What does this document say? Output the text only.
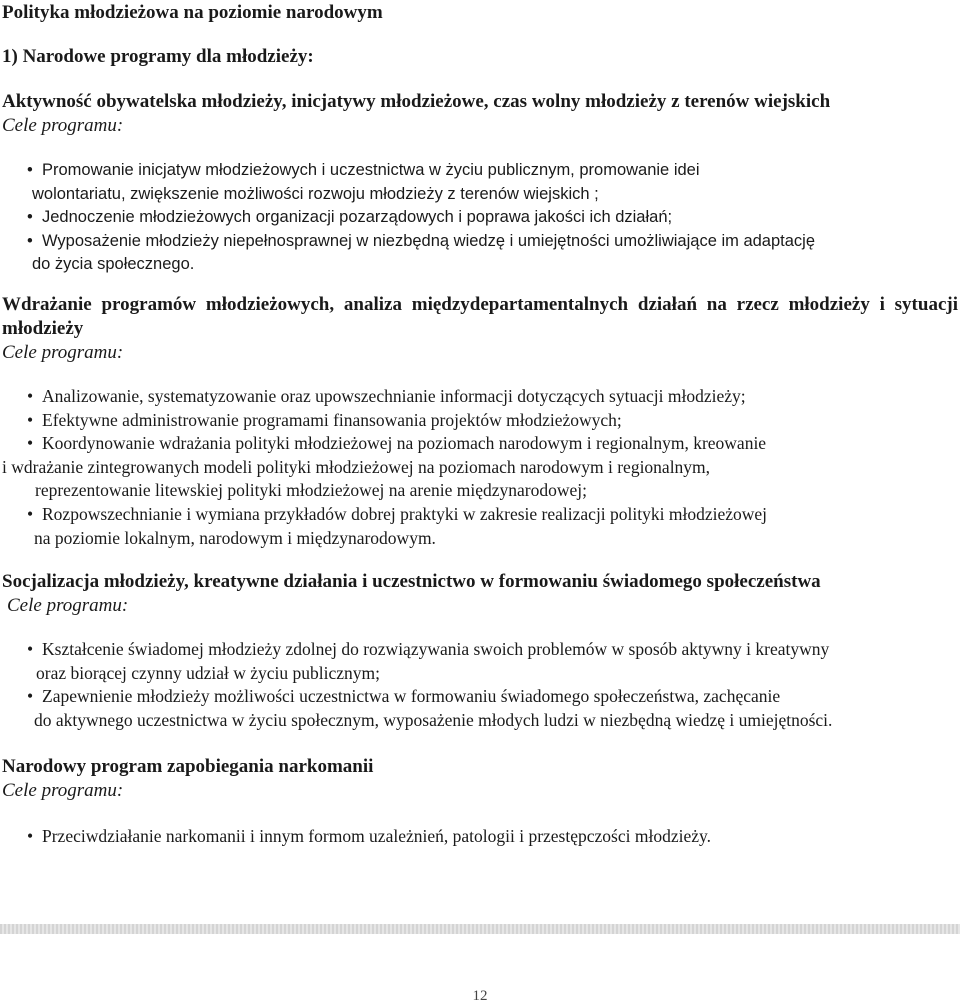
Polityka młodzieżowa na poziomie narodowym
1) Narodowe programy dla młodzieży:

Aktywność obywatelska młodzieży, inicjatywy młodzieżowe, czas wolny młodzieży z terenów wiejskich

Cele programu:

• Promowanie inicjatyw młodzieżowych i uczestnictwa w życiu publicznym, promowanie idei
wolontariatu, zwiększenie możliwości rozwoju młodzieży z terenów wiejskich ;
• Jednoczenie młodzieżowych organizacji pozarządowych i poprawa jakości ich działań;
• Wyposażenie młodzieży niepełnosprawnej w niezbędną wiedzę i umiejętności umożliwiające im adaptację
do życia społecznego.

Wdrażanie programów młodzieżowych, analiza międzydepartamentalnych działań na rzecz młodzieży i sytuacji młodzieży

Cele programu:

• Analizowanie, systematyzowanie oraz upowszechnianie informacji dotyczących sytuacji młodzieży;
• Efektywne administrowanie programami finansowania projektów młodzieżowych;
• Koordynowanie wdrażania polityki młodzieżowej na poziomach narodowym i regionalnym, kreowanie
i wdrażanie zintegrowanych modeli polityki młodzieżowej na poziomach narodowym i regionalnym,
reprezentowanie litewskiej polityki młodzieżowej na arenie międzynarodowej;
• Rozpowszechnianie i wymiana przykładów dobrej praktyki w zakresie realizacji polityki młodzieżowej
na poziomie lokalnym, narodowym i międzynarodowym.

Socjalizacja młodzieży, kreatywne działania i uczestnictwo w formowaniu świadomego społeczeństwa

Cele programu:

• Kształcenie świadomej młodzieży zdolnej do rozwiązywania swoich problemów w sposób aktywny i kreatywny
oraz biorącej czynny udział w życiu publicznym;
• Zapewnienie młodzieży możliwości uczestnictwa w formowaniu świadomego społeczeństwa, zachęcanie
do aktywnego uczestnictwa w życiu społecznym, wyposażenie młodych ludzi w niezbędną wiedzę i umiejętności.

Narodowy program zapobiegania narkomanii

Cele programu:

• Przeciwdziałanie narkomanii i innym formom uzależnień, patologii i przestępczości młodzieży.
12
